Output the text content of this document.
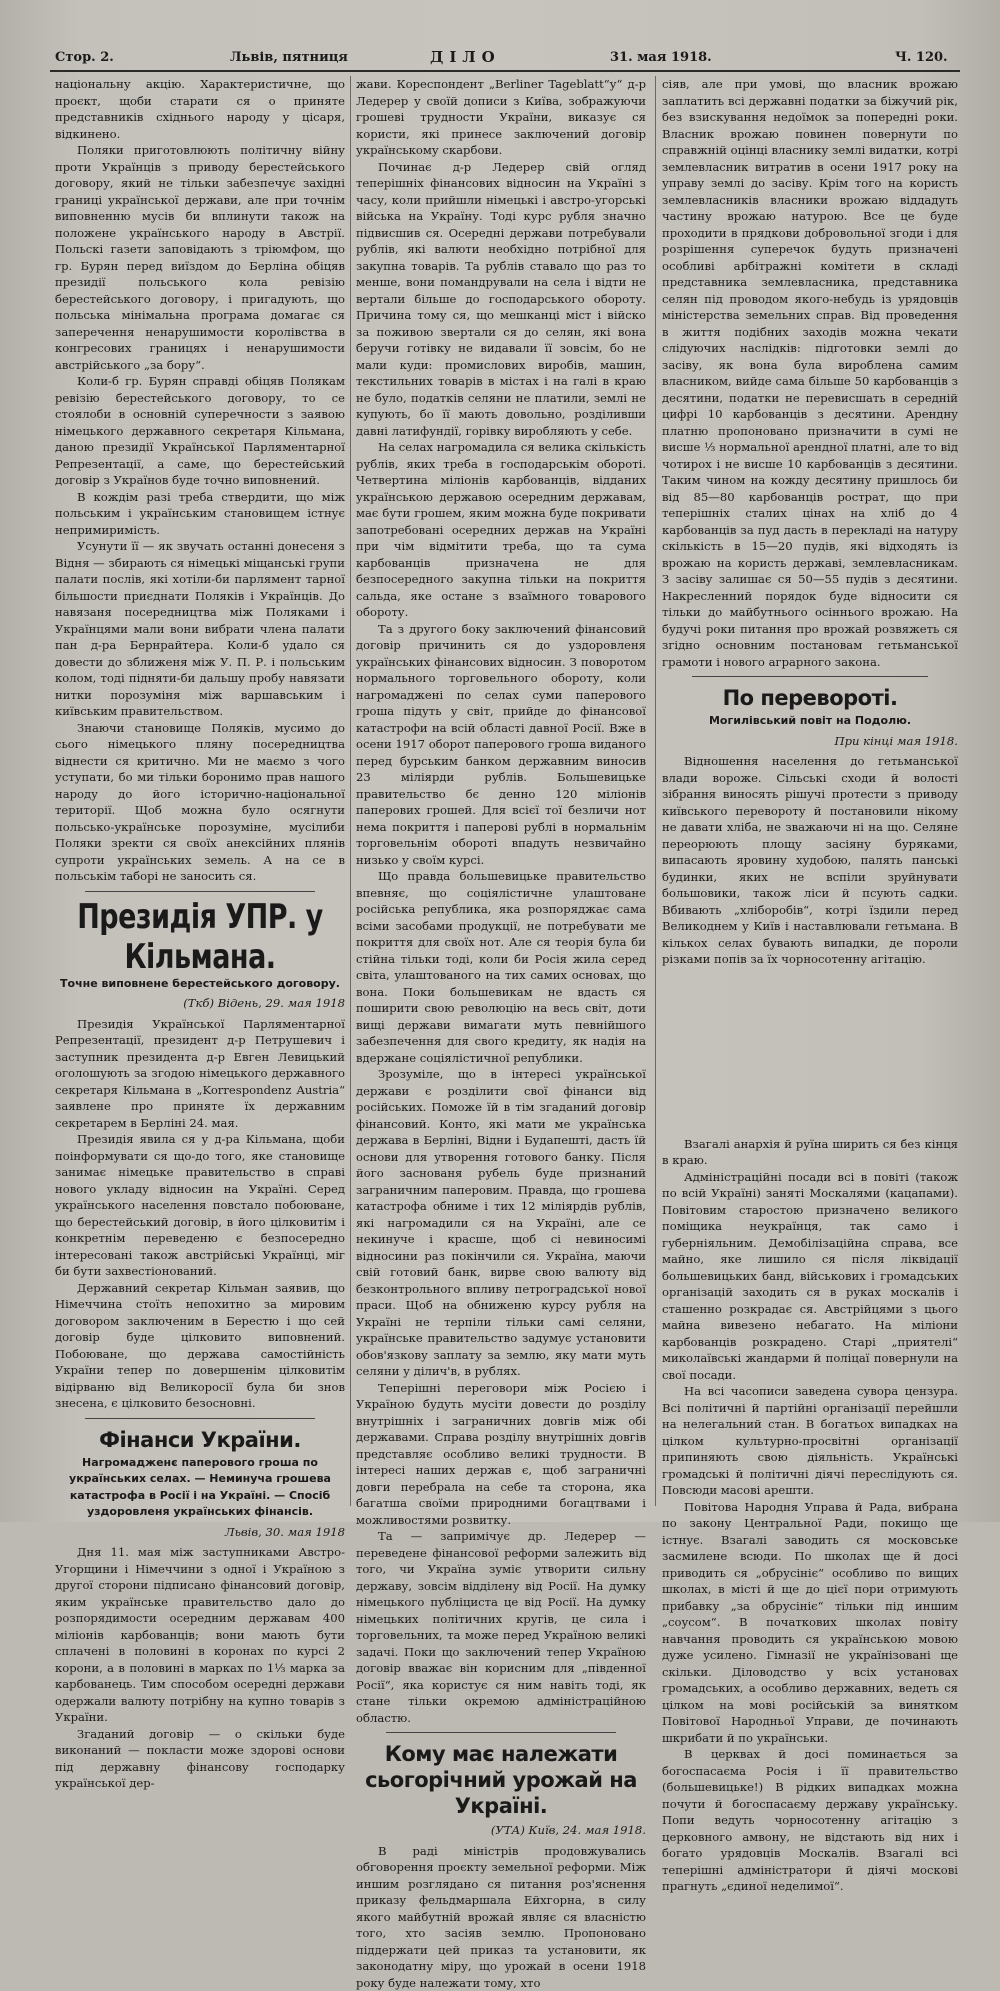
Стор. 2.	Львів, пятниця	ДІЛО	31. мая 1918.	Ч. 120.

національну акцію. Характеристичне, що проєкт, щоби старати ся о приняте представників східнього народу у цісаря, відкинено.

Поляки приготовлюють політичну війну проти Українців з приводу берестейського договору, який не тільки забезпечує західні границі української держави, але при точнім виповненню мусів би вплинути також на положене українського народу в Австрії. Польскі газети заповідають з тріюмфом, що гр. Бурян перед виїздом до Берліна обіцяв президії польського кола ревізію берестейського договору, і пригадують, що польська мінімальна програма домагає ся заперечення ненарушимости королівства в конгресових границях і ненарушимости австрійського „за бору“.

Коли-б гр. Бурян справді обіцяв Полякам ревізію берестейського договору, то се стоялоби в основній суперечности з заявою німецького державного секретаря Кільмана, даною президії Української Парляментарної Репрезентації, а саме, що берестейський договір з Українов буде точно виповнений.

В кождім разі треба ствердити, що між польським і українським становищем істнує непримиримість.

Усунути її — як звучать останні донесеня з Відня — збирають ся німецькі міщанські групи палати послів, які хотіли-би парлямент тарної більшости приєднати Поляків і Українців. До навязаня посередництва між Поляками і Українцями мали вони вибрати члена палати пан д-ра Бернрайтера. Коли-б удало ся довести до зближеня між У. П. Р. і польським колом, тоді підняти-би дальшу пробу навязати нитки порозуміня між варшавським і київським правительством.

Знаючи становище Поляків, мусимо до сього німецького пляну посередництва віднести ся критично. Ми не маємо з чого уступати, бо ми тільки боронимо прав нашого народу до його історично-національної території. Щоб можна було осягнути польсько-українське порозуміне, мусілиби Поляки зректи ся своїх анексійних плянів супроти українських земель. А на се в польськім таборі не заносить ся.

Президія УПР. у Кільмана.
Точне виповнене берестейського договору.
(Ткб) Відень, 29. мая 1918

Президія Української Парляментарної Репрезентації, президент д-р Петрушевич і заступник президента д-р Евген Левицький оголошують за згодою німецького державного секретаря Кільмана в „Korrespondenz Austria“ заявлене про приняте їх державним секретарем в Берліні 24. мая.

Президія явила ся у д-ра Кільмана, щоби поінформувати ся що-до того, яке становище занимає німецьке правительство в справі нового укладу відносин на Україні. Серед українського населення повстало побоюване, що берестейський договір, в його цілковитім і конкретнім переведеню є безпосередно інтересовані також австрійські Українці, міг би бути захвестіонований.

Державний секретар Кільман заявив, що Німеччина стоїть непохитно за мировим договором заключеним в Берестю і що сей договір буде цілковито виповнений. Побоюване, що держава самостійність України тепер по довершенім цілковитім відірваню від Великоросії була би знов знесена, є цілковито безосновні.

Фінанси України.
Нагромадженє паперового гроша по українських селах. — Неминуча грошева катастрофа в Росії і на Україні. — Спосіб уздоровленя українських фінансів.
Львів, 30. мая 1918

Дня 11. мая між заступниками Австро-Угорщини і Німеччини з одної і Україною з другої сторони підписано фінансовий договір, яким українське правительство дало до розпорядимости осередним державам 400 міліонів карбованців; вони мають бути сплачені в половині в коронах по курсі 2 корони, а в половині в марках по 1⅓ марка за карбованець. Тим способом осередні держави одержали валюту потрібну на купно товарів з України.

Згаданий договір — о скільки буде виконаний — покласти може здорові основи під державну фінансову господарку української дер-

жави. Кореспондент „Berliner Tageblatt“у“ д-р Ледерер у своїй дописи з Київа, зображуючи грошеві трудности України, виказує ся користи, які принесе заключений договір українському скарбови.

Починає д-р Ледерер свій огляд теперішніх фінансових відносин на Україні з часу, коли прийшли німецькі і австро-угорські війська на Україну. Тоді курс рубля значно підвисшив ся. Осередні держави потребували рублів, які валюти необхідно потрібної для закупна товарів. Та рублів ставало що раз то менше, вони помандрували на села і відти не вертали більше до господарського обороту. Причина тому ся, що мешканці міст і війско за поживою звертали ся до селян, які вона беручи готівку не видавали її зовсім, бо не мали куди: промислових виробів, машин, текстильних товарів в містах і на галі в краю не було, податків селяни не платили, землі не купують, бо її мають довольно, розділивши давні латифундії, горівку виробляють у себе.

На селах нагромадила ся велика скількість рублів, яких треба в господарськім обороті. Четвертина міліонів карбованців, відданих українською державою осередним державам, має бути грошем, яким можна буде покривати запотребовані осередних держав на Україні при чім відмітити треба, що та сума карбованців призначена не для безпосередного закупна тільки на покриття сальда, яке остане з взаїмного товарового обороту.

Та з другого боку заключений фінансовий договір причинить ся до уздоровленя українських фінансових відносин. З поворотом нормального торговельного обороту, коли нагромаджені по селах суми паперового гроша підуть у світ, прийде до фінансової катастрофи на всій області давної Росії. Вже в осени 1917 оборот паперового гроша виданого перед бурським банком державним виносив 23 міліярди рублів. Большевицьке правительство бє денно 120 міліонів паперових грошей. Для всієї тої безличи нот нема покриття і паперові рублі в нормальнім торговельнім обороті впадуть незвичайно низько у своїм курсі.

Що правда большевицьке правительство впевняє, що соціялістичне улаштоване російська република, яка розпоряджає сама всіми засобами продукції, не потребувати ме покриття для своїх нот. Але ся теорія була би стійна тільки тоді, коли би Росія жила серед світа, улаштованого на тих самих основах, що вона. Поки большевикам не вдасть ся поширити свою революцію на весь світ, доти вищі держави вимагати муть певнійшого забезпечення для свого кредиту, як надія на вдержане соціялістичної републики.

Зрозуміле, що в інтересі української держави є розділити свої фінанси від російських. Поможе їй в тім згаданий договір фінансовий. Конто, які мати ме українська держава в Берліні, Відни і Будапешті, дасть їй основи для утворення готового банку. Після його заснованя рубель буде признаний заграничним паперовим. Правда, що грошева катастрофа обниме і тих 12 міліярдів рублів, які нагромадили ся на Україні, але се некинуче і красше, щоб сі невиносимі відносини раз покінчили ся. Україна, маючи свій готовий банк, вирве свою валюту від безконтрольного впливу петроградської нової праси. Щоб на обниженю курсу рубля на Україні не терпіли тільки самі селяни, українське правительство задумує установити обов'язкову заплату за землю, яку мати муть селяни у ділич'в, в рублях.

Теперішні переговори між Росією і Україною будуть мусіти довести до розділу внутрішніх і заграничних довгів між обі державами. Справа розділу внутрішніх довгів представляє особливо великі трудности. В інтересі наших держав є, щоб заграничні довги перебрала на себе та сторона, яка багатша своїми природними богацтвами і можливостями розвитку.

Та — запримічує др. Ледерер — переведене фінансової реформи залежить від того, чи Україна зуміє утворити сильну державу, зовсім відділену від Росії. На думку німецького публіциста це від Росії. На думку німецьких політичних кругів, це сила і торговельних, та може перед Україною великі задачі. Поки що заключений тепер Україною договір вважає він корисним для „південної Росії“, яка користує ся ним навіть тоді, як стане тільки окремою адміністраційною областю.

Кому має належати сьогорічний урожай на Україні.
(УТА) Київ, 24. мая 1918.

В раді міністрів продовжувались обговорення проєкту земельної реформи. Між иншим розглядано ся питання роз'яснення приказу фельдмаршала Ейхгорна, в силу якого майбутній врожай являє ся власністю того, хто засіяв землю. Пропоновано піддержати цей приказ та установити, як законодатну міру, що урожай в осени 1918 року буде належати тому, хто

сіяв, але при умові, що власник врожаю заплатить всі державні податки за біжучий рік, без взискування недоїмок за попередні роки. Власник врожаю повинен повернути по справжній оцінці власнику землі видатки, котрі землевласник витратив в осени 1917 року на управу землі до засіву. Крім того на користь землевласників власники врожаю віддадуть частину врожаю натурою. Все це буде проходити в прядкови добровольної згоди і для розрішення суперечок будуть призначені особливі арбітражні комітети в складі представника землевласника, представника селян під проводом якого-небудь із урядовців міністерства земельних справ. Від проведення в життя подібних заходів можна чекати слідуючих наслідків: підготовки землі до засіву, як вона була вироблена самим власником, вийде сама більше 50 карбованців з десятини, податки не перевисшать в середній цифрі 10 карбованців з десятини. Арендну платню пропоновано призначити в сумі не висше ⅓ нормальної арендної платні, але то від чотирох і не висше 10 карбованців з десятини. Таким чином на кожду десятину пришлось би від 85—80 карбованців рострат, що при теперішніх сталих цінах на хліб до 4 карбованців за пуд дасть в перекладі на натуру скількість в 15—20 пудів, які відходять із врожаю на користь державі, землевласникам. З засіву залишає ся 50—55 пудів з десятини. Накресленний порядок буде відносити ся тільки до майбутнього осіннього врожаю. На будучі роки питання про врожай розвяжеть ся згідно основним постановам гетьманської грамоти і нового аграрного закона.

По перевороті.
Могилівський повіт на Подолю.
При кінці мая 1918.

Відношення населення до гетьманської влади вороже. Сільські сходи й волості зібрання виносять рішучі протести з приводу київського перевороту й постановили нікому не давати хліба, не зважаючи ні на що. Селяне переорюють площу засіяну буряками, випасають яровину худобою, палять панські будинки, яких не вспіли зруйнувати большовики, також ліси й псують садки. Вбивають „хліборобів“, котрі їздили перед Великоднем у Київ і наставлювали гетьмана. В кількох селах бувають випадки, де пороли різками попів за їх чорносотенну агітацію.

Взагалі анархія й руїна ширить ся без кінця в краю.

Адміністраційні посади всі в повіті (також по всій Україні) заняті Москалями (кацапами). Повітовим старостою призначено великого поміщика неукраїнця, так само і губерніяльним. Демобілізаційна справа, все майно, яке лишило ся після ліквідації большевицьких банд, військових і громадських організацій заходить ся в руках москалів і сташенно розкрадає ся. Австрійцями з цього майна вивезено небагато. На міліони карбованців розкрадено. Старі „приятелі“ миколаївські жандарми й поліцаї повернули на свої посади.

На всі часописи заведена сувора цензура. Всі політичні й партійні організації перейшли на нелегальний стан. В богатьох випадках на цілком культурно-просвітні організації припиняють свою діяльність. Українські громадські й політичні діячі переслідують ся. Повсюди масові арешти.

Повітова Народня Управа й Рада, вибрана по закону Центральної Ради, покищо ще істнує. Взагалі заводить ся московське засмилене всюди. По школах ще й досі приводить ся „обрусініє“ особливо по вищих школах, в місті й ще до цієї пори отримують прибавку „за обрусініє“ тільки під иншим „соусом“. В початкових школах повіту навчання проводить ся українською мовою дуже усилено. Гімназії не українізовані ще скільки. Діловодство у всіх установах громадських, а особливо державних, ведеть ся цілком на мові російській за винятком Повітової Народньої Управи, де починають шкрибати й по українськи.

В церквах й досі поминається за богоспасаєма Росія і її правительство (большевицьке!) В рідких випадках можна почути й богоспасаєму державу українську. Попи ведуть чорносотенну агітацію з церковного амвону, не відстають від них і богато урядовців Москалів. Взагалі всі теперішні адміністратори й діячі москові прагнуть „єдиної неделимої“.
